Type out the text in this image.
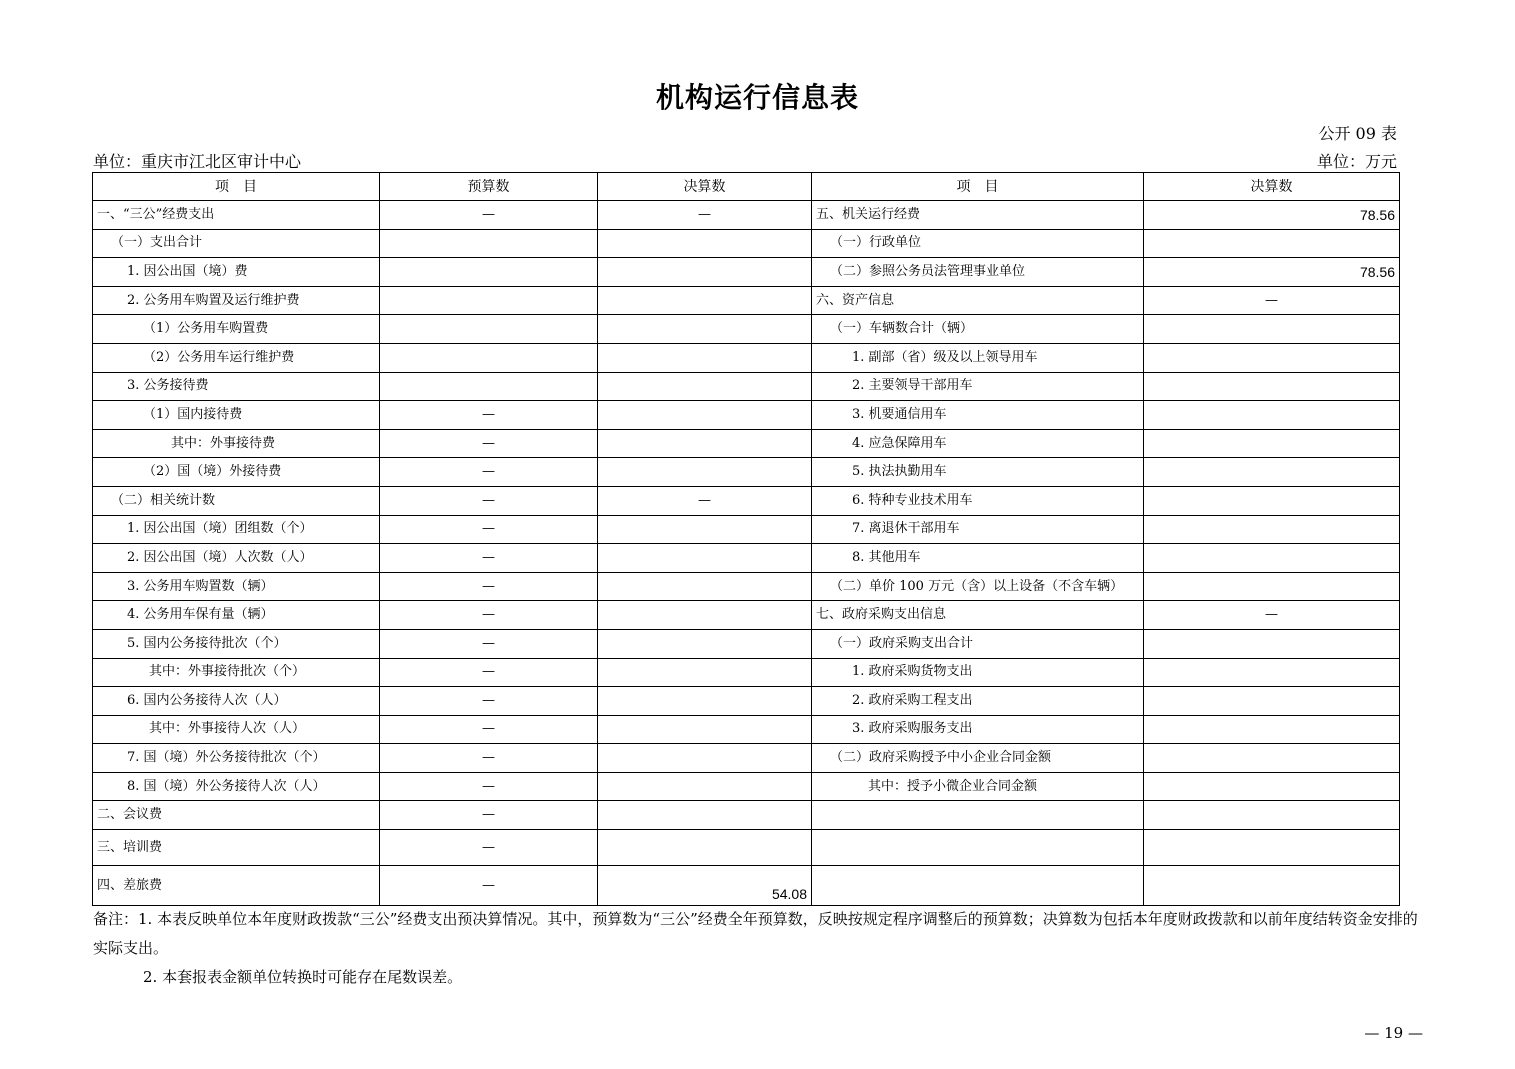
机构运行信息表
公开 09 表
单位：重庆市江北区审计中心	单位：万元
项　目	预算数	决算数	项　目	决算数
一、“三公”经费支出	—	—	五、机关运行经费	78.56
（一）支出合计			（一）行政单位	
1. 因公出国（境）费			（二）参照公务员法管理事业单位	78.56
2. 公务用车购置及运行维护费			六、资产信息	—
（1）公务用车购置费			（一）车辆数合计（辆）	
（2）公务用车运行维护费			1. 副部（省）级及以上领导用车	
3. 公务接待费			2. 主要领导干部用车	
（1）国内接待费	—		3. 机要通信用车	
其中：外事接待费	—		4. 应急保障用车	
（2）国（境）外接待费	—		5. 执法执勤用车	
（二）相关统计数	—	—	6. 特种专业技术用车	
1. 因公出国（境）团组数（个）	—		7. 离退休干部用车	
2. 因公出国（境）人次数（人）	—		8. 其他用车	
3. 公务用车购置数（辆）	—		（二）单价 100 万元（含）以上设备（不含车辆）	
4. 公务用车保有量（辆）	—		七、政府采购支出信息	—
5. 国内公务接待批次（个）	—		（一）政府采购支出合计	
其中：外事接待批次（个）	—		1. 政府采购货物支出	
6. 国内公务接待人次（人）	—		2. 政府采购工程支出	
其中：外事接待人次（人）	—		3. 政府采购服务支出	
7. 国（境）外公务接待批次（个）	—		（二）政府采购授予中小企业合同金额	
8. 国（境）外公务接待人次（人）	—		其中：授予小微企业合同金额	
二、会议费	—			
三、培训费	—			
四、差旅费	—	54.08		

备注：1. 本表反映单位本年度财政拨款“三公”经费支出预决算情况。其中，预算数为“三公”经费全年预算数，反映按规定程序调整后的预算数；决算数为包括本年度财政拨款和以前年度结转资金安排的实际支出。

2. 本套报表金额单位转换时可能存在尾数误差。

— 19 —
